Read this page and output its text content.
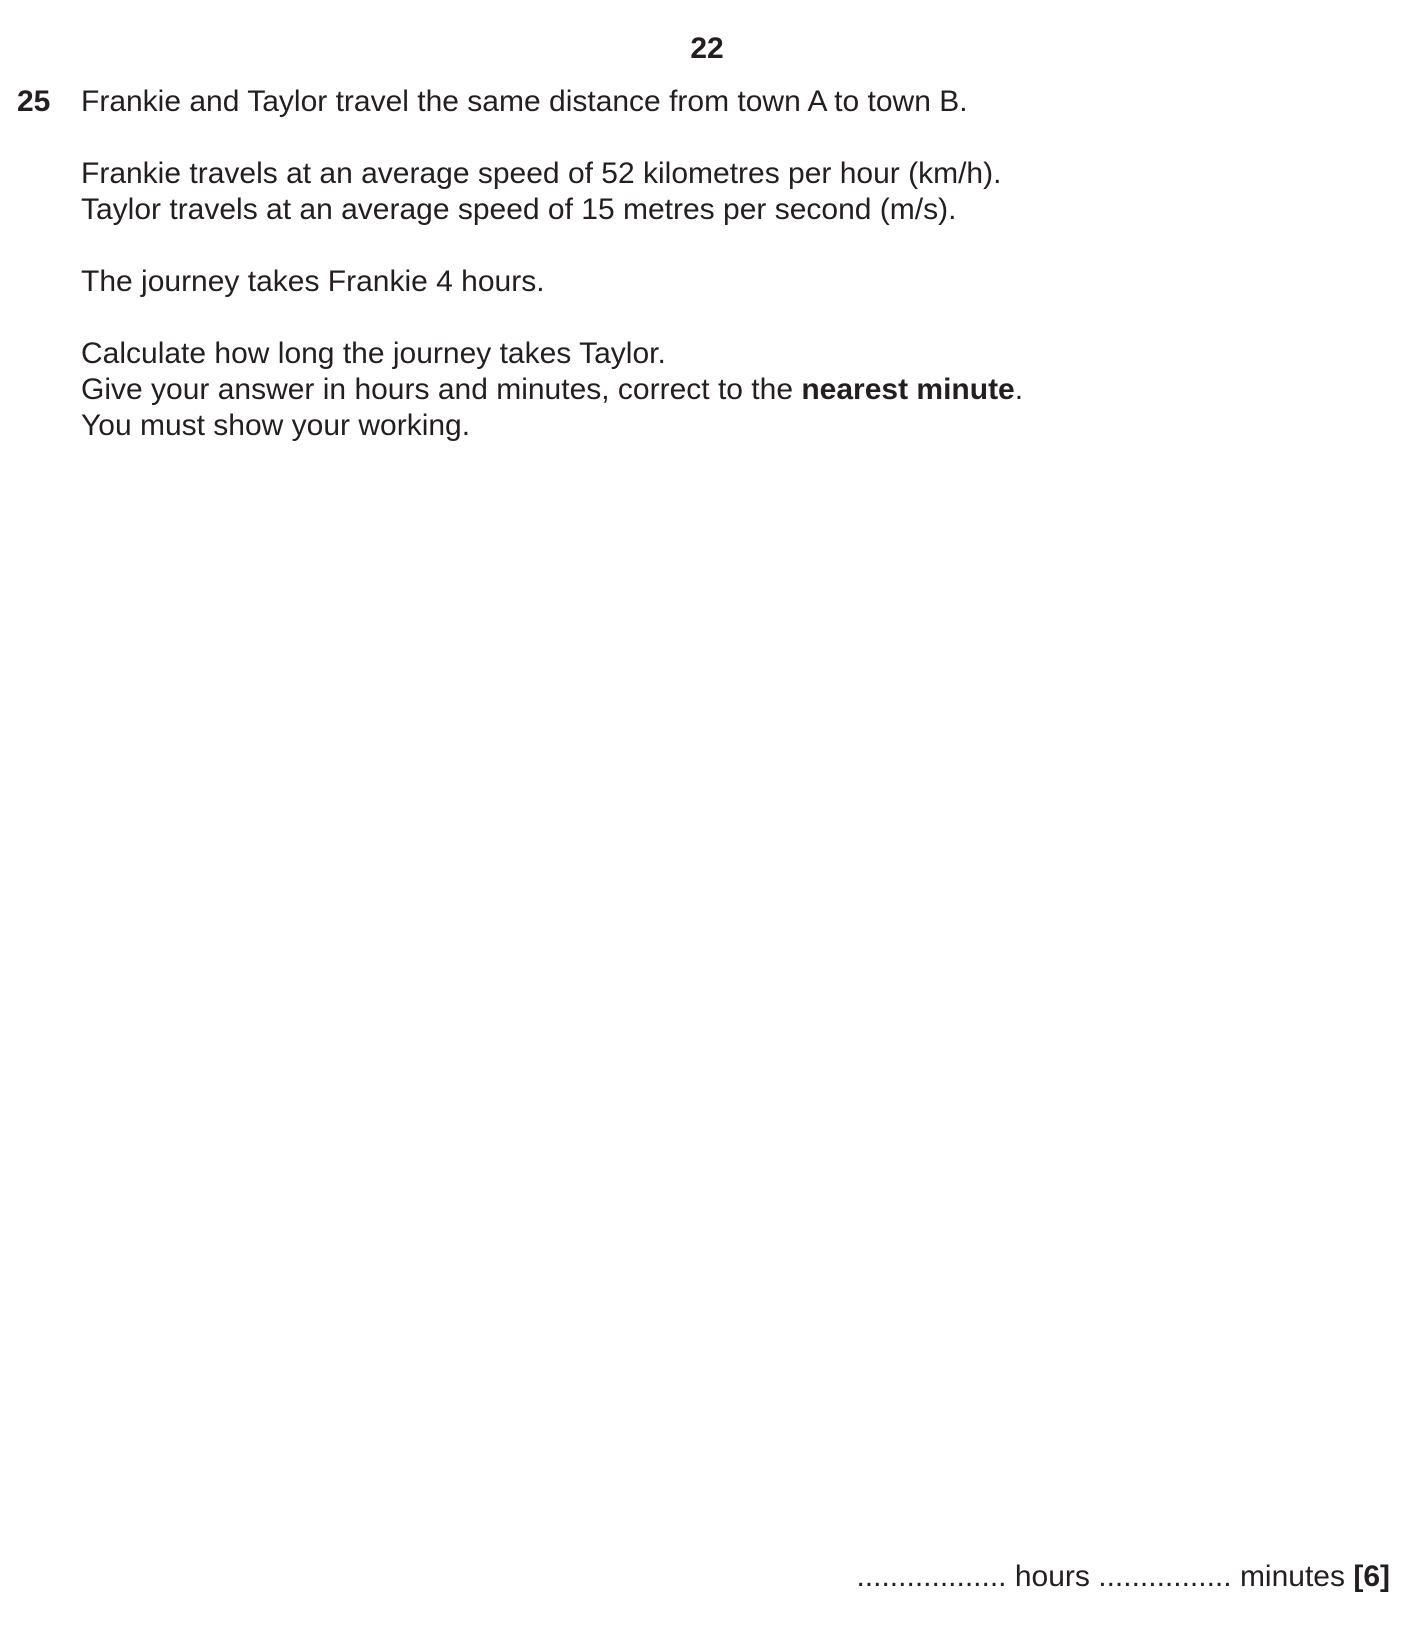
22
25 Frankie and Taylor travel the same distance from town A to town B.

Frankie travels at an average speed of 52 kilometres per hour (km/h).

Taylor travels at an average speed of 15 metres per second (m/s).

The journey takes Frankie 4 hours.

Calculate how long the journey takes Taylor.

Give your answer in hours and minutes, correct to the nearest minute.

You must show your working.

.................. hours ................ minutes [6]
